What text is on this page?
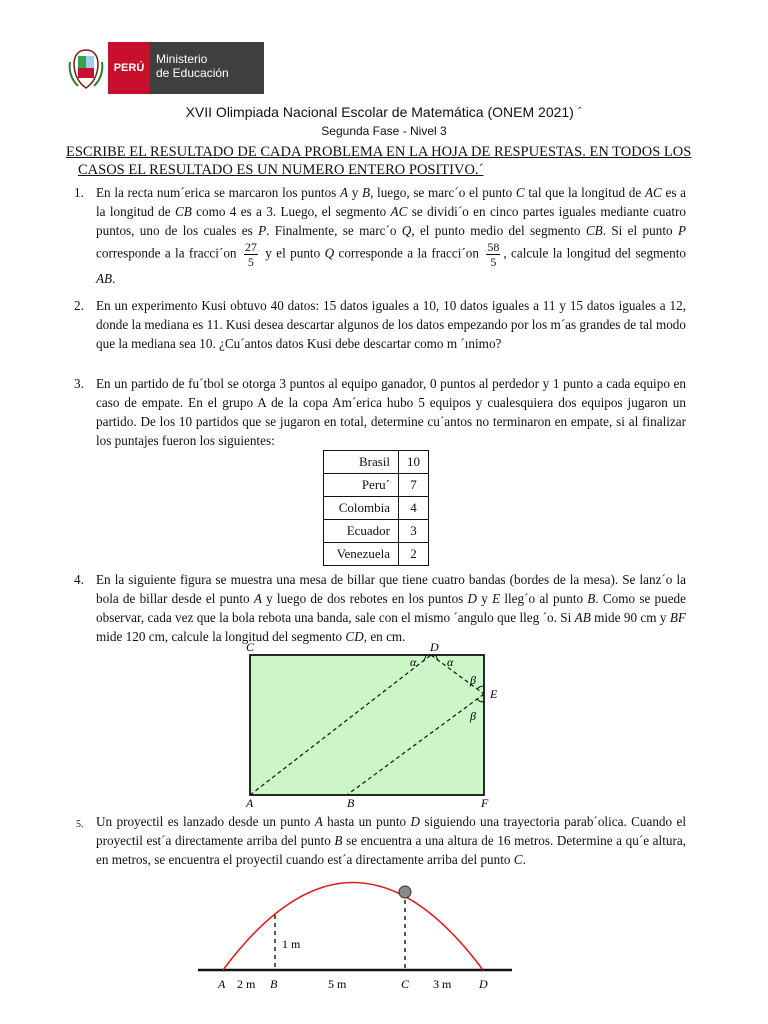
PERÚ
Ministerio
de Educación
XVII Olimpiada Nacional Escolar de Matemática (ONEM 2021) ´
Segunda Fase - Nivel 3
ESCRIBE EL RESULTADO DE CADA PROBLEMA EN LA HOJA DE RESPUESTAS. EN TODOS LOS
CASOS EL RESULTADO ES UN NUMERO ENTERO POSITIVO.´
1. En la recta num´erica se marcaron los puntos A y B, luego, se marc´o el punto C tal que la longitud de AC es a la longitud de CB como 4 es a 3. Luego, el segmento AC se dividi´o en cinco partes iguales mediante cuatro puntos, uno de los cuales es P. Finalmente, se marc´o Q, el punto medio del segmento CB. Si el punto P corresponde a la fracci´on $\frac{27}{5}$ y el punto Q corresponde a la fracci´on $\frac{58}{5}$ , calcule la longitud del segmento AB.
2. En un experimento Kusi obtuvo 40 datos: 15 datos iguales a 10, 10 datos iguales a 11 y 15 datos iguales a 12, donde la mediana es 11. Kusi desea descartar algunos de los datos empezando por los m´as grandes de tal modo que la mediana sea 10. ¿Cu´antos datos Kusi debe descartar como m ´ınimo?
3. En un partido de fu´tbol se otorga 3 puntos al equipo ganador, 0 puntos al perdedor y 1 punto a cada equipo en caso de empate. En el grupo A de la copa Am´erica hubo 5 equipos y cualesquiera dos equipos jugaron un partido. De los 10 partidos que se jugaron en total, determine cu´antos no terminaron en empate, si al finalizar los puntajes fueron los siguientes:
Brasil	10
Peru´	7
Colombia	4
Ecuador	3
Venezuela	2
4. En la siguiente figura se muestra una mesa de billar que tiene cuatro bandas (bordes de la mesa). Se lanz´o la bola de billar desde el punto A y luego de dos rebotes en los puntos D y E lleg´o al punto B. Como se puede observar, cada vez que la bola rebota una banda, sale con el mismo ´angulo que lleg ´o. Si AB mide 90 cm y BF mide 120 cm, calcule la longitud del segmento CD, en cm.
5. Un proyectil es lanzado desde un punto A hasta un punto D siguiendo una trayectoria parab´olica. Cuando el proyectil est´a directamente arriba del punto B se encuentra a una altura de 16 metros. Determine a qu´e altura, en metros, se encuentra el proyectil cuando est´a directamente arriba del punto C.
C	D
E
A	B	F
α	α
β
β
1 m
A 2 m B	5 m	C 3 m D
